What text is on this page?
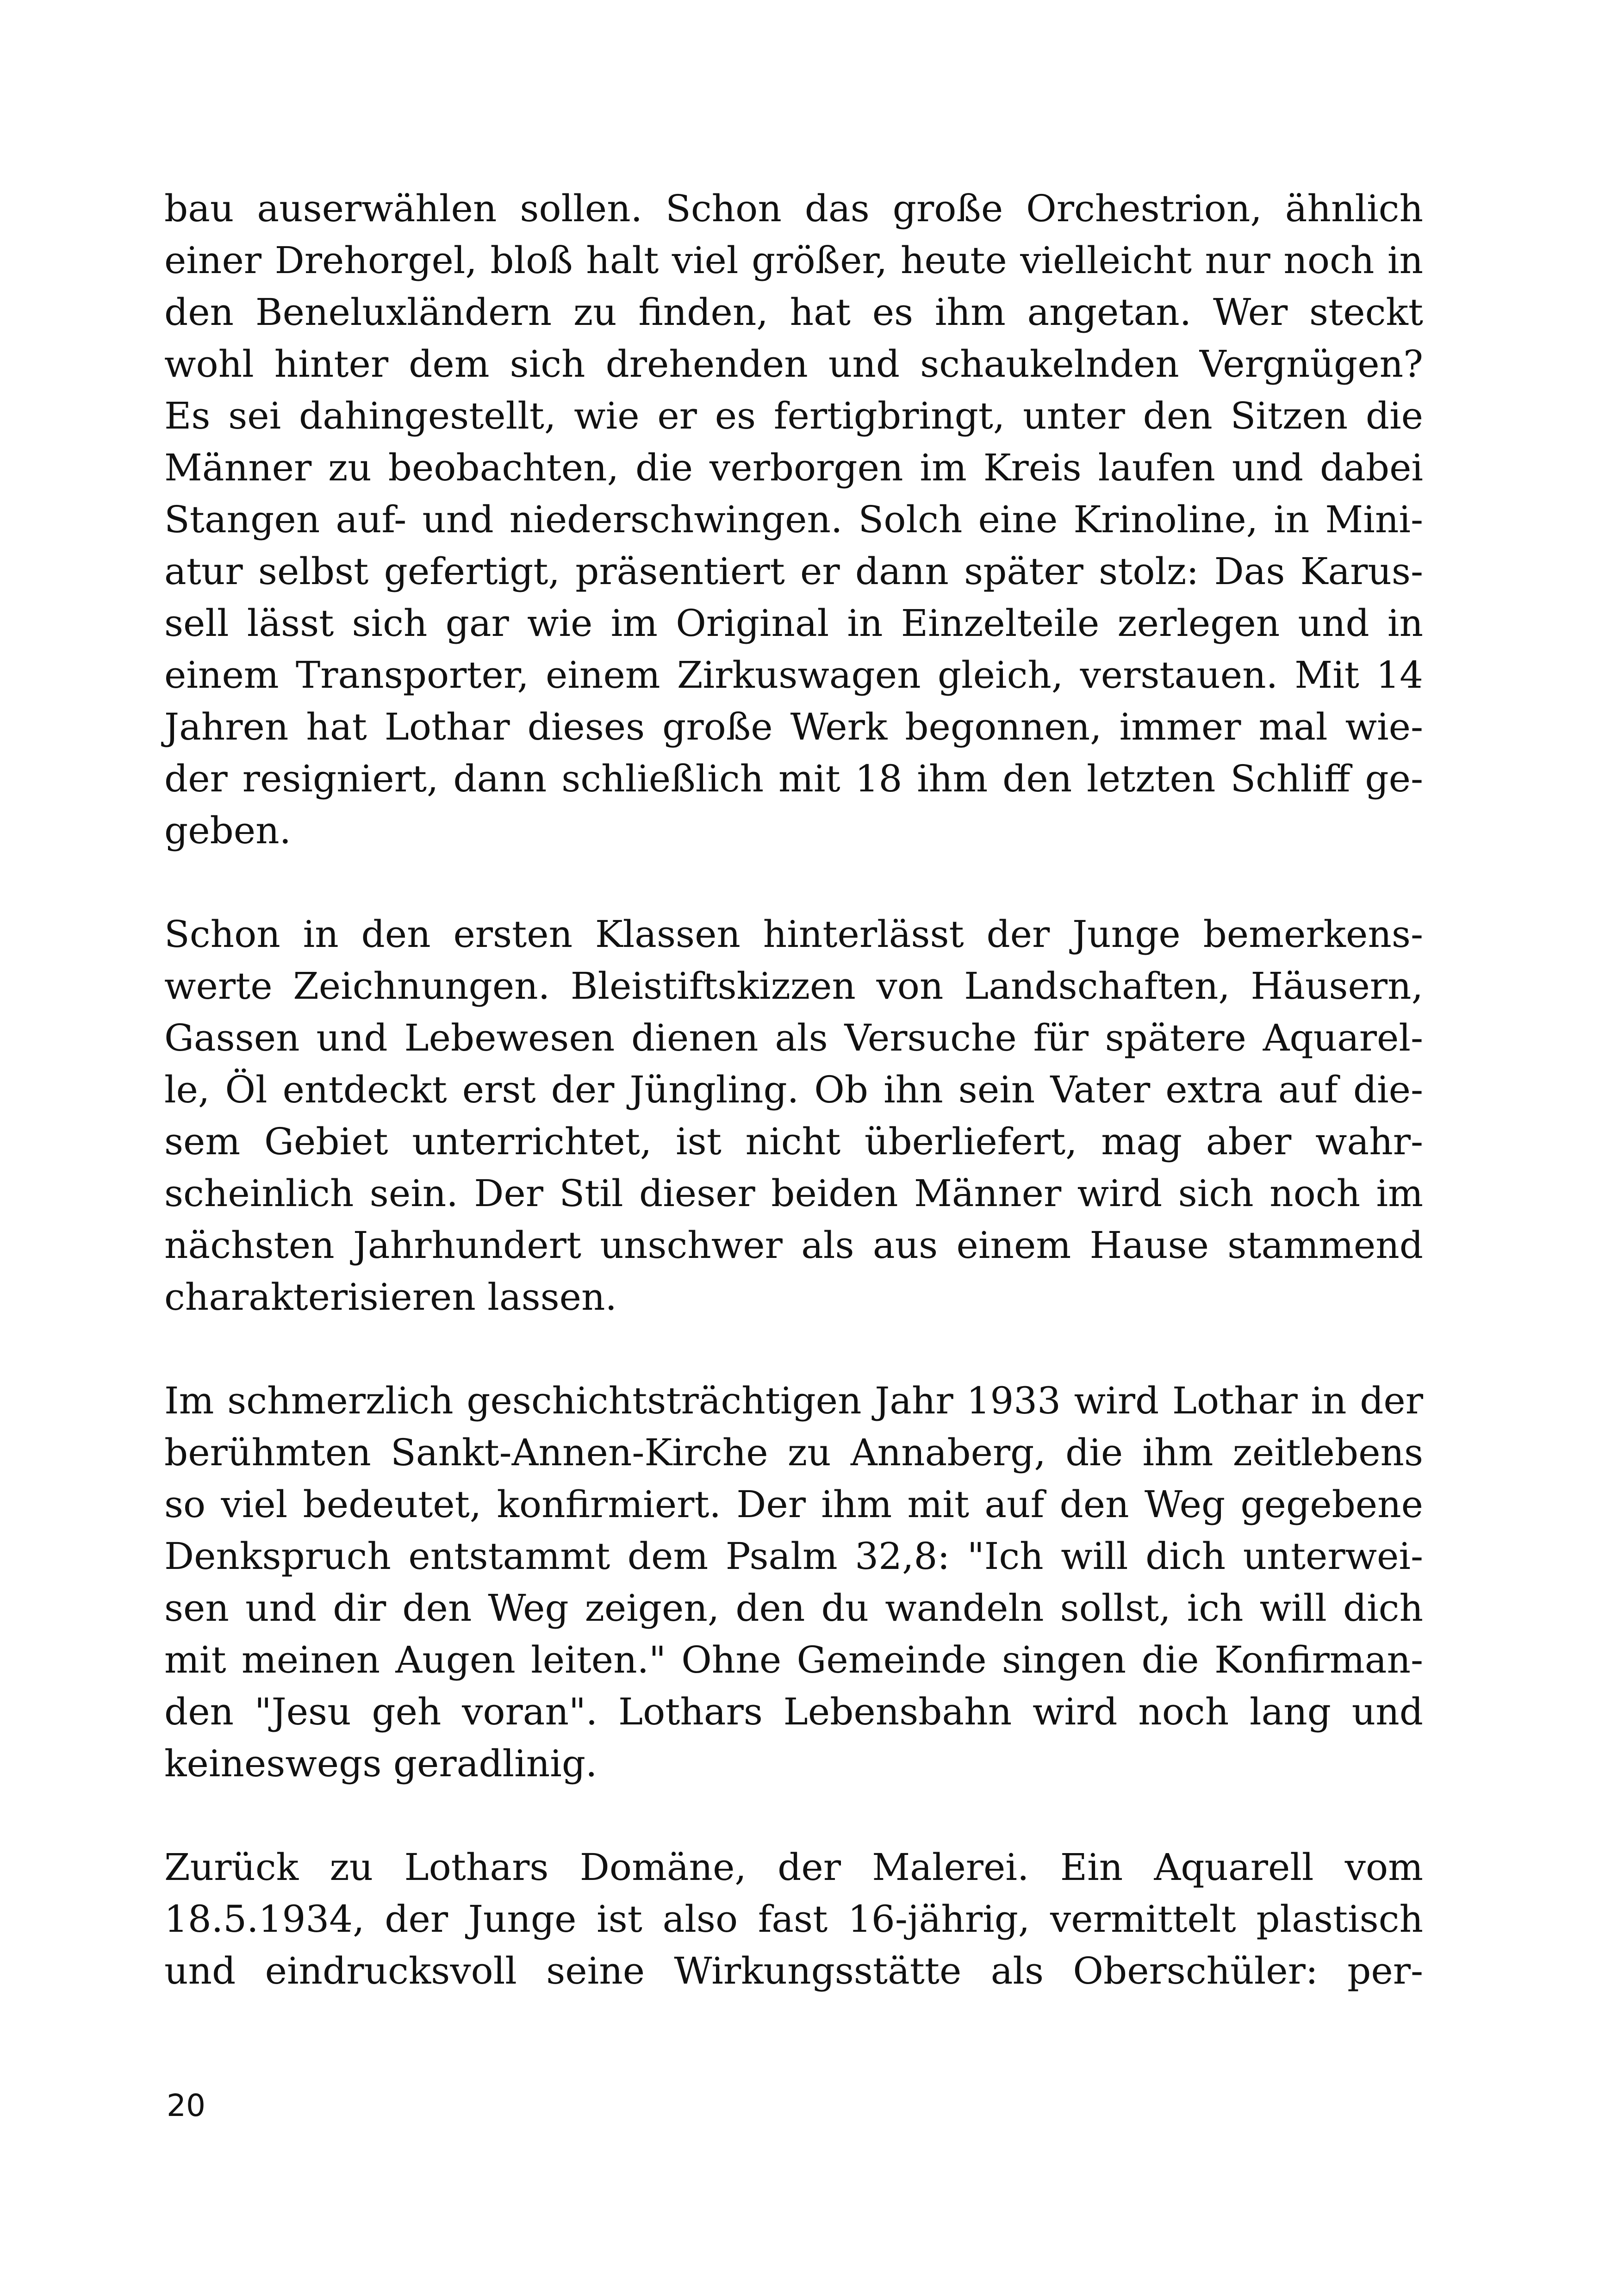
bau auserwählen sollen. Schon das große Orchestrion, ähnlich
einer Drehorgel, bloß halt viel größer, heute vielleicht nur noch in
den Beneluxländern zu finden, hat es ihm angetan. Wer steckt
wohl hinter dem sich drehenden und schaukelnden Vergnügen?
Es sei dahingestellt, wie er es fertigbringt, unter den Sitzen die
Männer zu beobachten, die verborgen im Kreis laufen und dabei
Stangen auf- und niederschwingen. Solch eine Krinoline, in Mini-
atur selbst gefertigt, präsentiert er dann später stolz: Das Karus-
sell lässt sich gar wie im Original in Einzelteile zerlegen und in
einem Transporter, einem Zirkuswagen gleich, verstauen. Mit 14
Jahren hat Lothar dieses große Werk begonnen, immer mal wie-
der resigniert, dann schließlich mit 18 ihm den letzten Schliff ge-
geben.
Schon in den ersten Klassen hinterlässt der Junge bemerkens-
werte Zeichnungen. Bleistiftskizzen von Landschaften, Häusern,
Gassen und Lebewesen dienen als Versuche für spätere Aquarel-
le, Öl entdeckt erst der Jüngling. Ob ihn sein Vater extra auf die-
sem Gebiet unterrichtet, ist nicht überliefert, mag aber wahr-
scheinlich sein. Der Stil dieser beiden Männer wird sich noch im
nächsten Jahrhundert unschwer als aus einem Hause stammend
charakterisieren lassen.
Im schmerzlich geschichtsträchtigen Jahr 1933 wird Lothar in der
berühmten Sankt-Annen-Kirche zu Annaberg, die ihm zeitlebens
so viel bedeutet, konfirmiert. Der ihm mit auf den Weg gegebene
Denkspruch entstammt dem Psalm 32,8: "Ich will dich unterwei-
sen und dir den Weg zeigen, den du wandeln sollst, ich will dich
mit meinen Augen leiten." Ohne Gemeinde singen die Konfirman-
den "Jesu geh voran". Lothars Lebensbahn wird noch lang und
keineswegs geradlinig.
Zurück zu Lothars Domäne, der Malerei. Ein Aquarell vom
18.5.1934, der Junge ist also fast 16-jährig, vermittelt plastisch
und eindrucksvoll seine Wirkungsstätte als Oberschüler: per-
20
